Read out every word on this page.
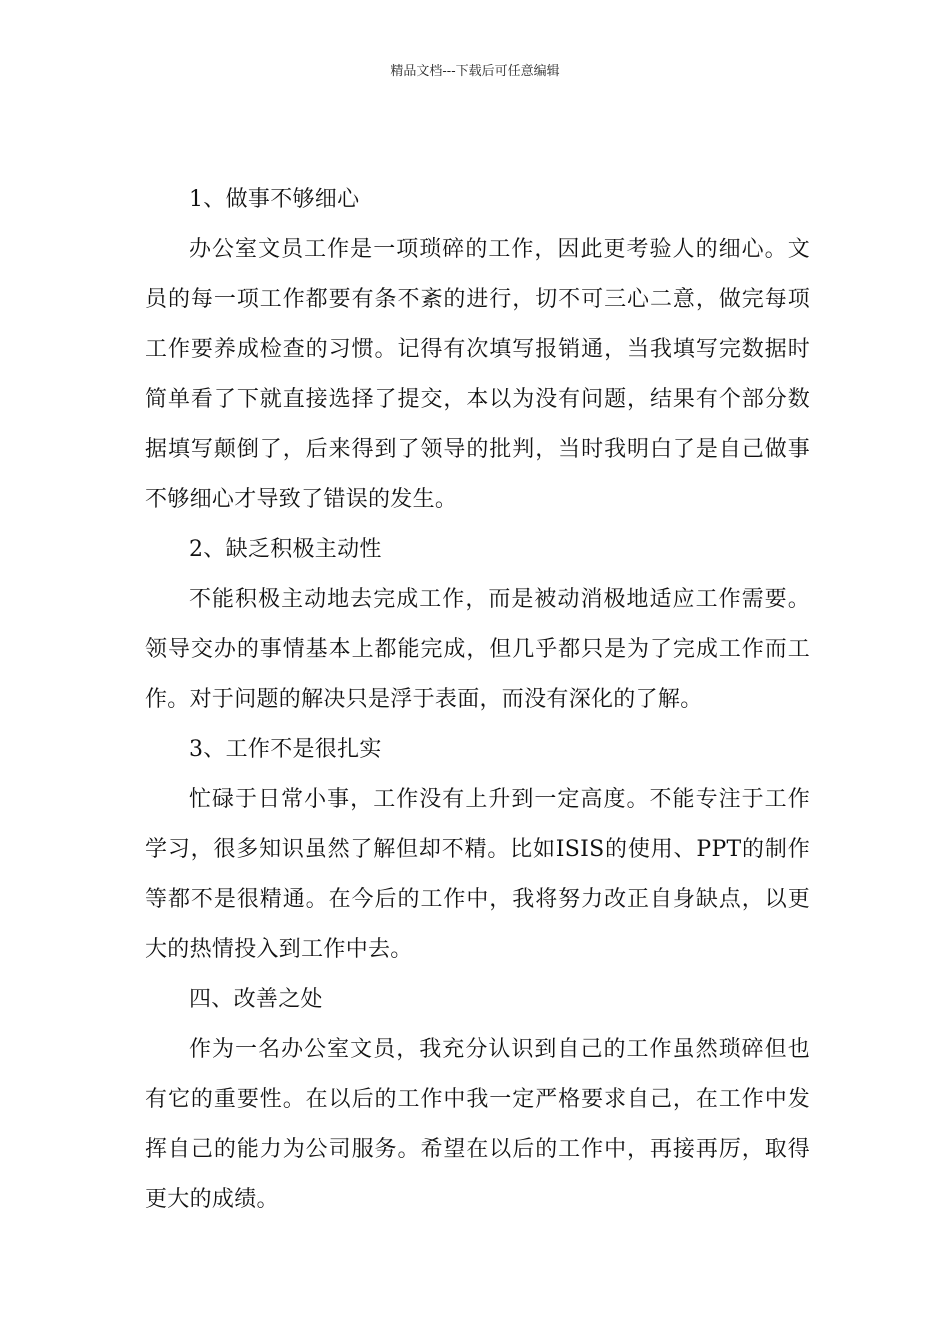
精品文档---下载后可任意编辑

1、做事不够细心

办公室文员工作是一项琐碎的工作，因此更考验人的细心。文员的每一项工作都要有条不紊的进行，切不可三心二意，做完每项工作要养成检查的习惯。记得有次填写报销通，当我填写完数据时简单看了下就直接选择了提交，本以为没有问题，结果有个部分数据填写颠倒了，后来得到了领导的批判，当时我明白了是自己做事不够细心才导致了错误的发生。

2、缺乏积极主动性

不能积极主动地去完成工作，而是被动消极地适应工作需要。领导交办的事情基本上都能完成，但几乎都只是为了完成工作而工作。对于问题的解决只是浮于表面，而没有深化的了解。

3、工作不是很扎实

忙碌于日常小事，工作没有上升到一定高度。不能专注于工作学习，很多知识虽然了解但却不精。比如ISIS的使用、PPT的制作等都不是很精通。在今后的工作中，我将努力改正自身缺点，以更大的热情投入到工作中去。

四、改善之处

作为一名办公室文员，我充分认识到自己的工作虽然琐碎但也有它的重要性。在以后的工作中我一定严格要求自己，在工作中发挥自己的能力为公司服务。希望在以后的工作中，再接再厉，取得更大的成绩。
